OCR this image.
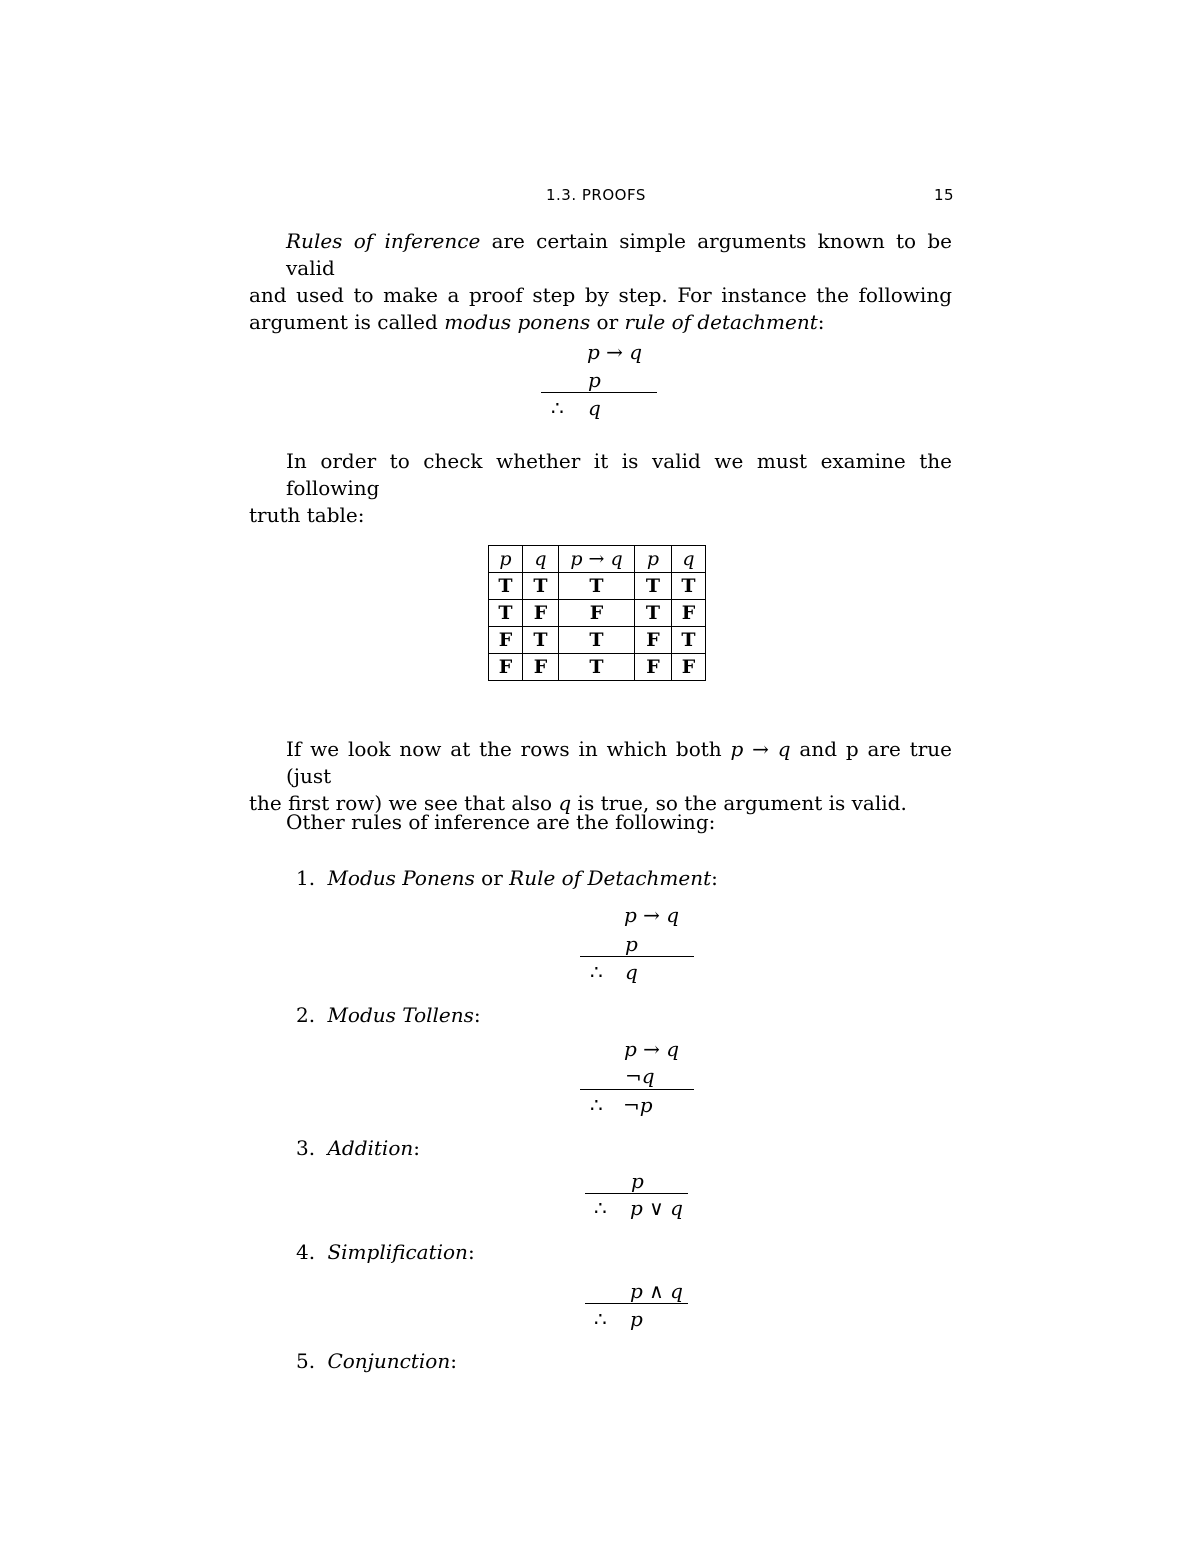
1.3. PROOFS	15
Rules of inference are certain simple arguments known to be valid
and used to make a proof step by step. For instance the following
argument is called modus ponens or rule of detachment:
p → q
p
∴ q
In order to check whether it is valid we must examine the following
truth table:
p	q	p → q	p	q
T	T	T	T	T
T	F	F	T	F
F	T	T	F	T
F	F	T	F	F
If we look now at the rows in which both p → q and p are true (just
the first row) we see that also q is true, so the argument is valid.
Other rules of inference are the following:
1. Modus Ponens or Rule of Detachment:
p → q
p
∴ q
2. Modus Tollens:
p → q
¬q
∴ ¬p
3. Addition:
p
∴ p ∨ q
4. Simplification:
p ∧ q
∴ p
5. Conjunction:
